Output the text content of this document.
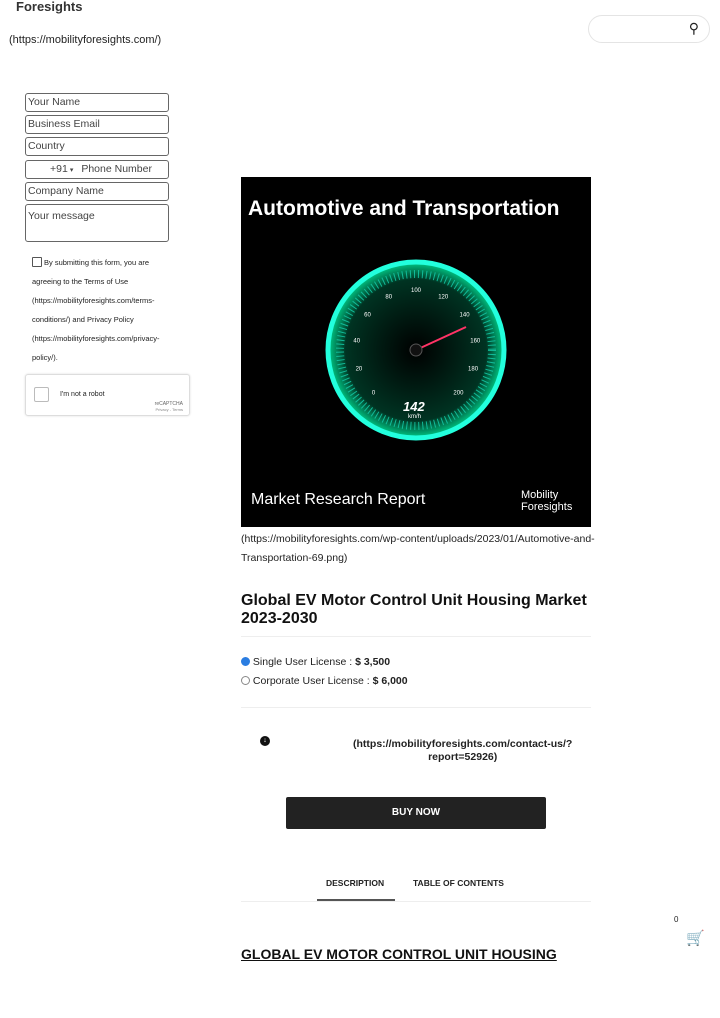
Foresights
(https://mobilityforesights.com/)
⚲
Your Name
Business Email
Country
+91 ▾ Phone Number
Company Name
Your message
By submitting this form, you are
agreeing to the Terms of Use
(https://mobilityforesights.com/terms-
conditions/) and Privacy Policy
(https://mobilityforesights.com/privacy-
policy/).
I'm not a robot
reCAPTCHA
Privacy - Terms
Automotive and Transportation
0
20
40
60
80
100
120
140
160
180
200
142
km/h
Market Research Report	Mobility
Foresights
(https://mobilityforesights.com/wp-content/uploads/2023/01/Automotive-and-Transportation-69.png)
Global EV Motor Control Unit Housing Market 2023-2030
Single User License : $ 3,500
Corporate User License : $ 6,000
↓	(https://mobilityforesights.com/contact-us/?
report=52926)
BUY NOW
DESCRIPTION	TABLE OF CONTENTS
0
🛒
GLOBAL EV MOTOR CONTROL UNIT HOUSING
